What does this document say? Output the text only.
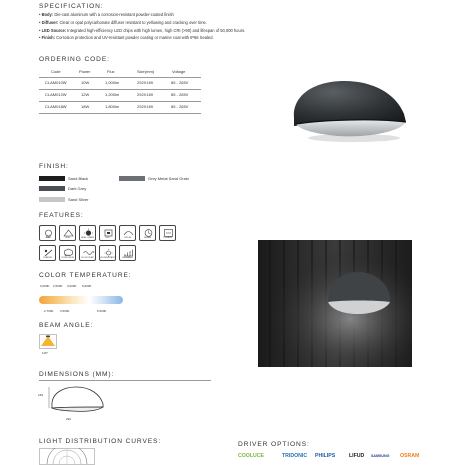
SPECIFICATION:
• Body: Die-cast aluminum with a corrosion-resistant powder-coated finish
• Diffuser: Clear or opal polycarbonate diffuser resistant to yellowing and cracking over time.
• LED Source: Integrated high-efficiency LED chips with high lumen, high CRI (>90) and lifespan of 50,000 hours.
• Finish: Corrosion protection and UV-resistant powder coating or marine coat with IP66 Sealed.
ORDERING CODE:
Code	Power	Flux	Size(mm)	Voltage
CLAM010W	10W	1,000lm	292X169	85 - 265V
CLAM012W	12W	1,200lm	292X169	85 - 265V
CLAM018W	18W	1,800lm	292X169	85 - 265V
FINISH:
Sand Black
Dark Grey
Sand Silver
Grey Metal Sand Grain
FEATURES:
IP66	IK08	HIGH LUMEN	LED	CRI>90	50000H	5 YEARS
COATING
ANTI-CORROSION	NO FLICKER	UV RESISTANT	DIMMABLE
COLOR TEMPERATURE:
2,000K 2,500K 3,000K 5,000K
2,700K 3,500K	6,500K
BEAM ANGLE:
115°
DIMENSIONS (MM):
169
292
LIGHT DISTRIBUTION CURVES:	DRIVER OPTIONS:
COOLUCE	TRIDONIC PHILIPS	LIFUD SAMSUNG OSRAM
